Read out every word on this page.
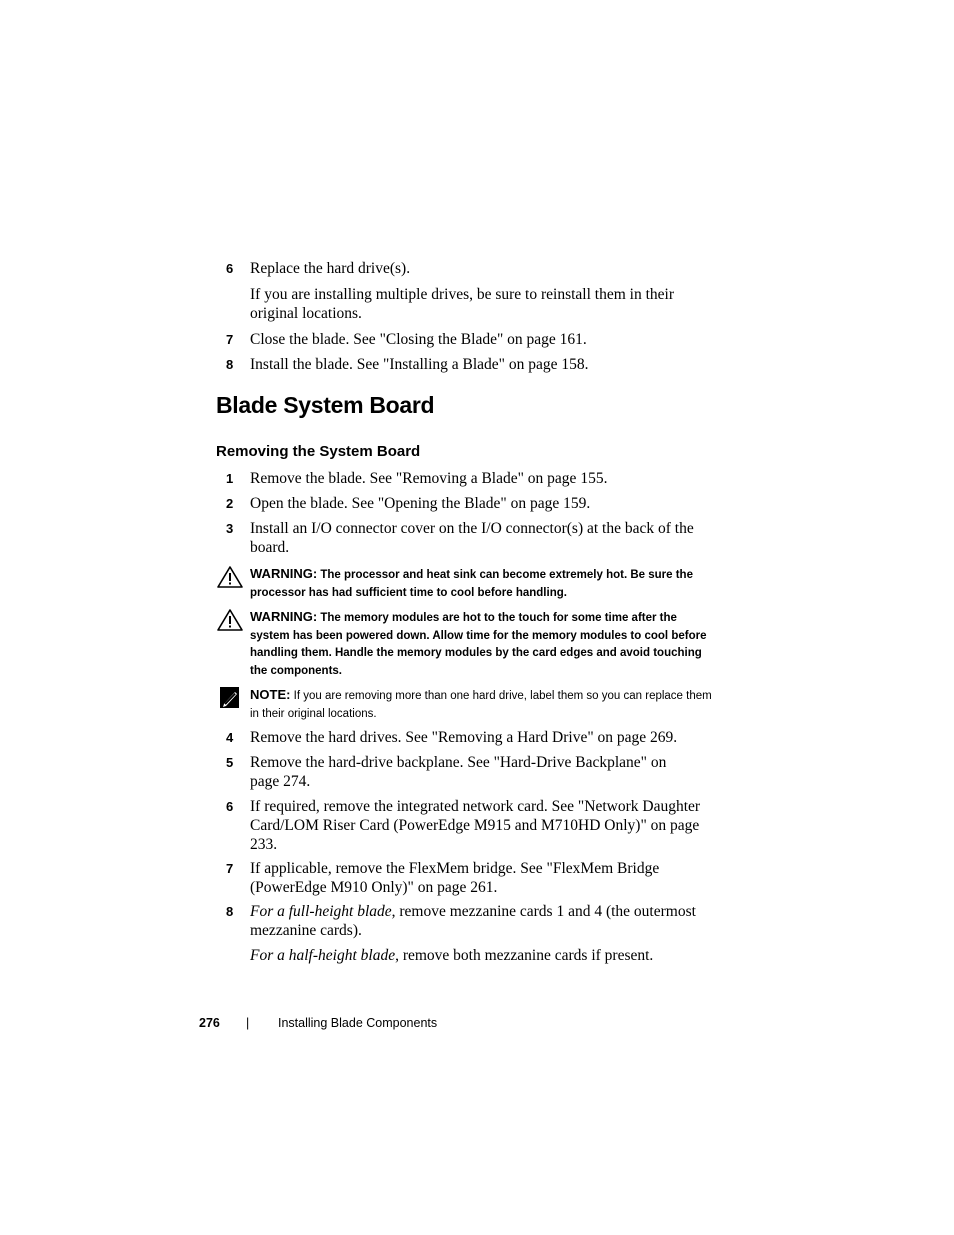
6 Replace the hard drive(s).
If you are installing multiple drives, be sure to reinstall them in their original locations.
7 Close the blade. See "Closing the Blade" on page 161.
8 Install the blade. See "Installing a Blade" on page 158.
Blade System Board
Removing the System Board
1 Remove the blade. See "Removing a Blade" on page 155.
2 Open the blade. See "Opening the Blade" on page 159.
3 Install an I/O connector cover on the I/O connector(s) at the back of the board.
WARNING: The processor and heat sink can become extremely hot. Be sure the processor has had sufficient time to cool before handling.
WARNING: The memory modules are hot to the touch for some time after the system has been powered down. Allow time for the memory modules to cool before handling them. Handle the memory modules by the card edges and avoid touching the components.
NOTE: If you are removing more than one hard drive, label them so you can replace them in their original locations.
4 Remove the hard drives. See "Removing a Hard Drive" on page 269.
5 Remove the hard-drive backplane. See "Hard-Drive Backplane" on page 274.
6 If required, remove the integrated network card. See "Network Daughter Card/LOM Riser Card (PowerEdge M915 and M710HD Only)" on page 233.
7 If applicable, remove the FlexMem bridge. See "FlexMem Bridge (PowerEdge M910 Only)" on page 261.
8 For a full-height blade, remove mezzanine cards 1 and 4 (the outermost mezzanine cards).
For a half-height blade, remove both mezzanine cards if present.
276 | Installing Blade Components
